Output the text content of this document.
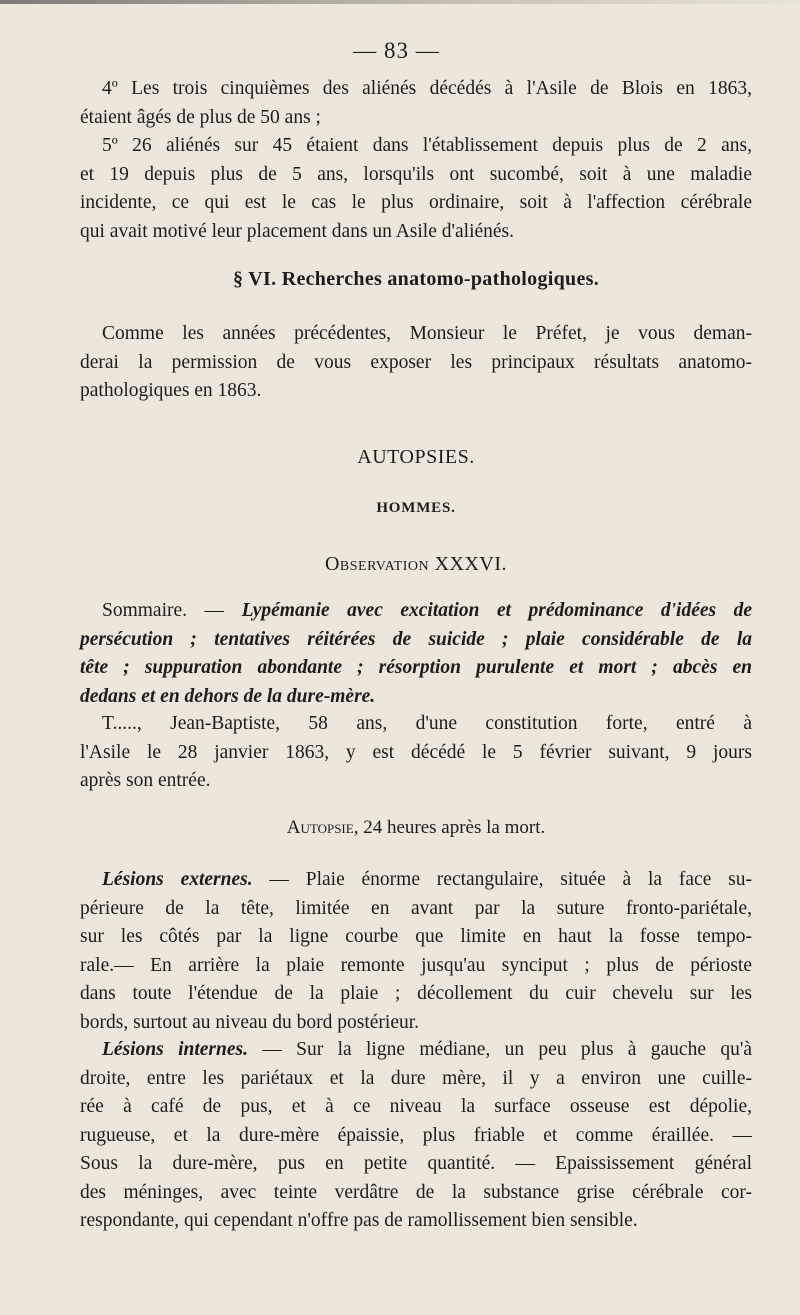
— 83 —
4º Les trois cinquièmes des aliénés décédés à l'Asile de Blois en 1863,
étaient âgés de plus de 50 ans ;
5º 26 aliénés sur 45 étaient dans l'établissement depuis plus de 2 ans,
et 19 depuis plus de 5 ans, lorsqu'ils ont sucombé, soit à une maladie
incidente, ce qui est le cas le plus ordinaire, soit à l'affection cérébrale
qui avait motivé leur placement dans un Asile d'aliénés.
§ VI. Recherches anatomo-pathologiques.
Comme les années précédentes, Monsieur le Préfet, je vous deman-
derai la permission de vous exposer les principaux résultats anatomo-
pathologiques en 1863.
AUTOPSIES.
HOMMES.
Observation XXXVI.
Sommaire. — Lypémanie avec excitation et prédominance d'idées de
persécution ; tentatives réitérées de suicide ; plaie considérable de la
tête ; suppuration abondante ; résorption purulente et mort ; abcès en
dedans et en dehors de la dure-mère.
T....., Jean-Baptiste, 58 ans, d'une constitution forte, entré à
l'Asile le 28 janvier 1863, y est décédé le 5 février suivant, 9 jours
après son entrée.
Autopsie, 24 heures après la mort.
Lésions externes. — Plaie énorme rectangulaire, située à la face su-
périeure de la tête, limitée en avant par la suture fronto-pariétale,
sur les côtés par la ligne courbe que limite en haut la fosse tempo-
rale.— En arrière la plaie remonte jusqu'au synciput ; plus de périoste
dans toute l'étendue de la plaie ; décollement du cuir chevelu sur les
bords, surtout au niveau du bord postérieur.
Lésions internes. — Sur la ligne médiane, un peu plus à gauche qu'à
droite, entre les pariétaux et la dure mère, il y a environ une cuille-
rée à café de pus, et à ce niveau la surface osseuse est dépolie,
rugueuse, et la dure-mère épaissie, plus friable et comme éraillée. —
Sous la dure-mère, pus en petite quantité. — Epaississement général
des méninges, avec teinte verdâtre de la substance grise cérébrale cor-
respondante, qui cependant n'offre pas de ramollissement bien sensible.
